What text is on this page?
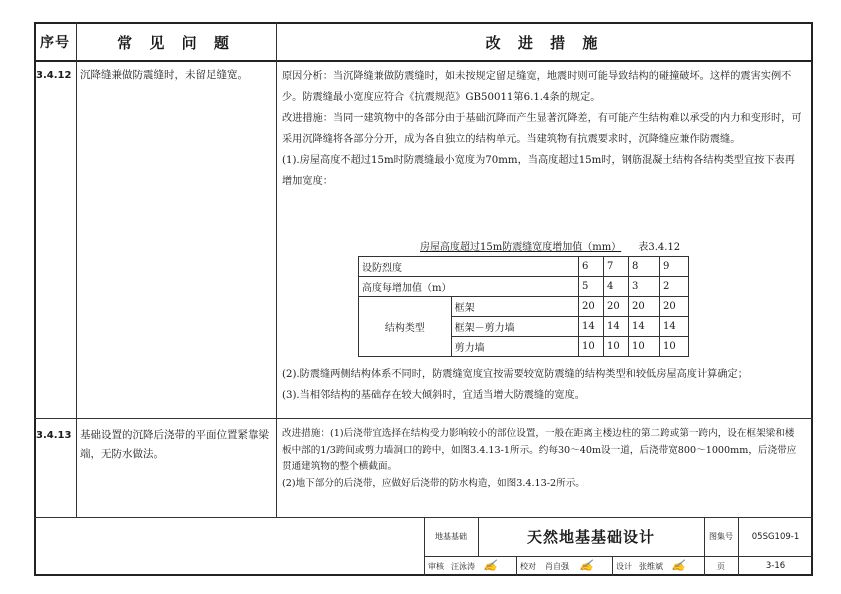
序号	常 见 问 题	改 进 措 施
3.4.12 沉降缝兼做防震缝时，未留足缝宽。	原因分析：当沉降缝兼做防震缝时，如未按规定留足缝宽，地震时则可能导致结构的碰撞破坏。这样的震害实例不少。防震缝最小宽度应符合《抗震规范》GB50011第6.1.4条的规定。

改进措施：当同一建筑物中的各部分由于基础沉降而产生显著沉降差，有可能产生结构难以承受的内力和变形时，可采用沉降缝将各部分分开，成为各自独立的结构单元。当建筑物有抗震要求时，沉降缝应兼作防震缝。

(1).房屋高度不超过15m时防震缝最小宽度为70mm，当高度超过15m时，钢筋混凝土结构各结构类型宜按下表再增加宽度：

房屋高度超过15m防震缝宽度增加值（mm） 表3.4.12
设防烈度		6	7	8	9
高度每增加值（m）		5	4	3	2
结构类型	框架	20	20	20	20
	框架－剪力墙	14	14	14	14
	剪力墙	10	10	10	10

(2).防震缝两侧结构体系不同时，防震缝宽度宜按需要较宽防震缝的结构类型和较低房屋高度计算确定；

(3).当相邻结构的基础存在较大倾斜时，宜适当增大防震缝的宽度。

3.4.13 基础设置的沉降后浇带的平面位置紧靠梁端，无防水做法。

改进措施：(1)后浇带宜选择在结构受力影响较小的部位设置，一般在距离主楼边柱的第二跨或第一跨内，设在框架梁和楼板中部的1/3跨间或剪力墙洞口的跨中，如图3.4.13-1所示。约每30～40m设一道，后浇带宽800～1000mm，后浇带应贯通建筑物的整个横截面。

(2)地下部分的后浇带，应做好后浇带的防水构造，如图3.4.13-2所示。

地基基础	天然地基基础设计	图集号	05SG109-1
审核 汪泳涛 ✍	校对	肖自强 ✍	设计 张维斌 ✍	页	3-16
